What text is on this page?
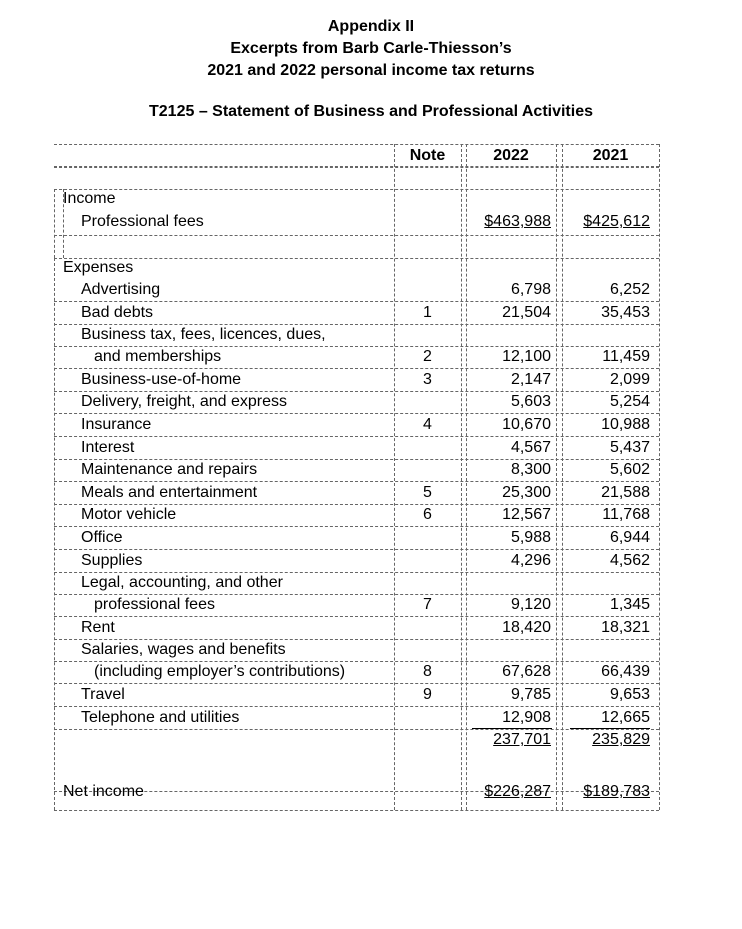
Appendix II
Excerpts from Barb Carle-Thiesson’s
2021 and 2022 personal income tax returns
T2125 – Statement of Business and Professional Activities
Note	2022	2021
Income
Professional fees	$463,988	$425,612
Expenses
Advertising	6,798	6,252
Bad debts	1	21,504	35,453
Business tax, fees, licences, dues,
and memberships	2	12,100	11,459
Business-use-of-home	3	2,147	2,099
Delivery, freight, and express	5,603	5,254
Insurance	4	10,670	10,988
Interest	4,567	5,437
Maintenance and repairs	8,300	5,602
Meals and entertainment	5	25,300	21,588
Motor vehicle	6	12,567	11,768
Office	5,988	6,944
Supplies	4,296	4,562
Legal, accounting, and other
professional fees	7	9,120	1,345
Rent	18,420	18,321
Salaries, wages and benefits
(including employer’s contributions)	8	67,628	66,439
Travel	9	9,785	9,653
Telephone and utilities	12,908	12,665
237,701	235,829
Net income	$226,287	$189,783
